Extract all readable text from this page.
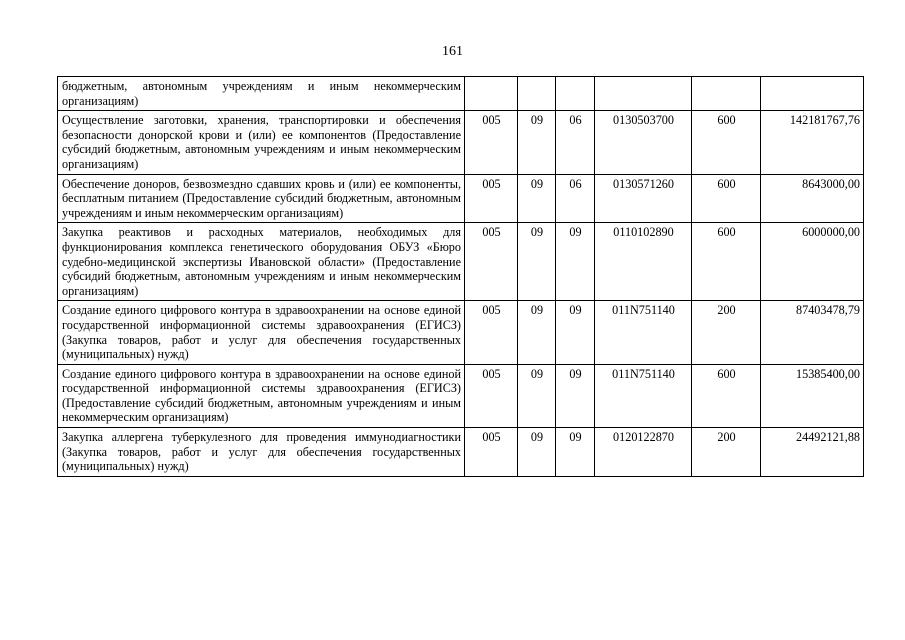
161
бюджетным, автономным учреждениям и иным некоммерческим организациям)						
Осуществление заготовки, хранения, транспортировки и обеспечения безопасности донорской крови и (или) ее компонентов (Предоставление субсидий бюджетным, автономным учреждениям и иным некоммерческим организациям)	005	09	06	0130503700	600	142181767,76
Обеспечение доноров, безвозмездно сдавших кровь и (или) ее компоненты, бесплатным питанием (Предоставление субсидий бюджетным, автономным учреждениям и иным некоммерческим организациям)	005	09	06	0130571260	600	8643000,00
Закупка реактивов и расходных материалов, необходимых для функционирования комплекса генетического оборудования ОБУЗ «Бюро судебно-медицинской экспертизы Ивановской области» (Предоставление субсидий бюджетным, автономным учреждениям и иным некоммерческим организациям)	005	09	09	0110102890	600	6000000,00
Создание единого цифрового контура в здравоохранении на основе единой государственной информационной системы здравоохранения (ЕГИСЗ) (Закупка товаров, работ и услуг для обеспечения государственных (муниципальных) нужд)	005	09	09	011N751140	200	87403478,79
Создание единого цифрового контура в здравоохранении на основе единой государственной информационной системы здравоохранения (ЕГИСЗ) (Предоставление субсидий бюджетным, автономным учреждениям и иным некоммерческим организациям)	005	09	09	011N751140	600	15385400,00
Закупка аллергена туберкулезного для проведения иммунодиагностики (Закупка товаров, работ и услуг для обеспечения государственных (муниципальных) нужд)	005	09	09	0120122870	200	24492121,88
